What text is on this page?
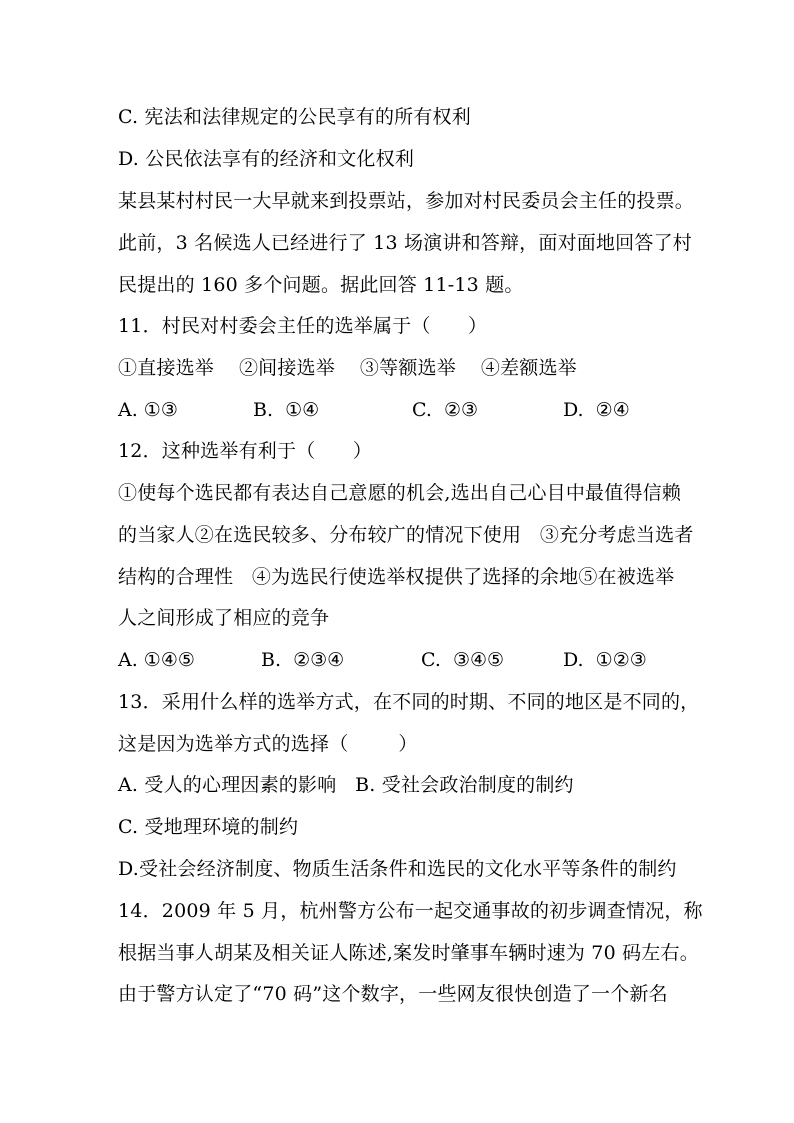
C. 宪法和法律规定的公民享有的所有权利
D. 公民依法享有的经济和文化权利
某县某村村民一大早就来到投票站，参加对村民委员会主任的投票。
此前，3 名候选人已经进行了 13 场演讲和答辩，面对面地回答了村
民提出的 160 多个问题。据此回答 11-13 题。
11．村民对村委会主任的选举属于（      ）
①直接选举    ②间接选举    ③等额选举    ④差额选举
A. ①③	B.  ①④	C.  ②③	D.  ②④
12．这种选举有利于（      ）
①使每个选民都有表达自己意愿的机会,选出自己心目中最值得信赖
的当家人②在选民较多、分布较广的情况下使用   ③充分考虑当选者
结构的合理性   ④为选民行使选举权提供了选择的余地⑤在被选举
人之间形成了相应的竞争
A. ①④⑤	B.  ②③④	C.  ③④⑤	D.  ①②③
13．采用什么样的选举方式，在不同的时期、不同的地区是不同的，
这是因为选举方式的选择（        ）
A. 受人的心理因素的影响   B. 受社会政治制度的制约
C. 受地理环境的制约
D.受社会经济制度、物质生活条件和选民的文化水平等条件的制约
14．2009 年 5 月，杭州警方公布一起交通事故的初步调查情况，称
根据当事人胡某及相关证人陈述,案发时肇事车辆时速为 70 码左右。
由于警方认定了“70 码”这个数字，一些网友很快创造了一个新名
